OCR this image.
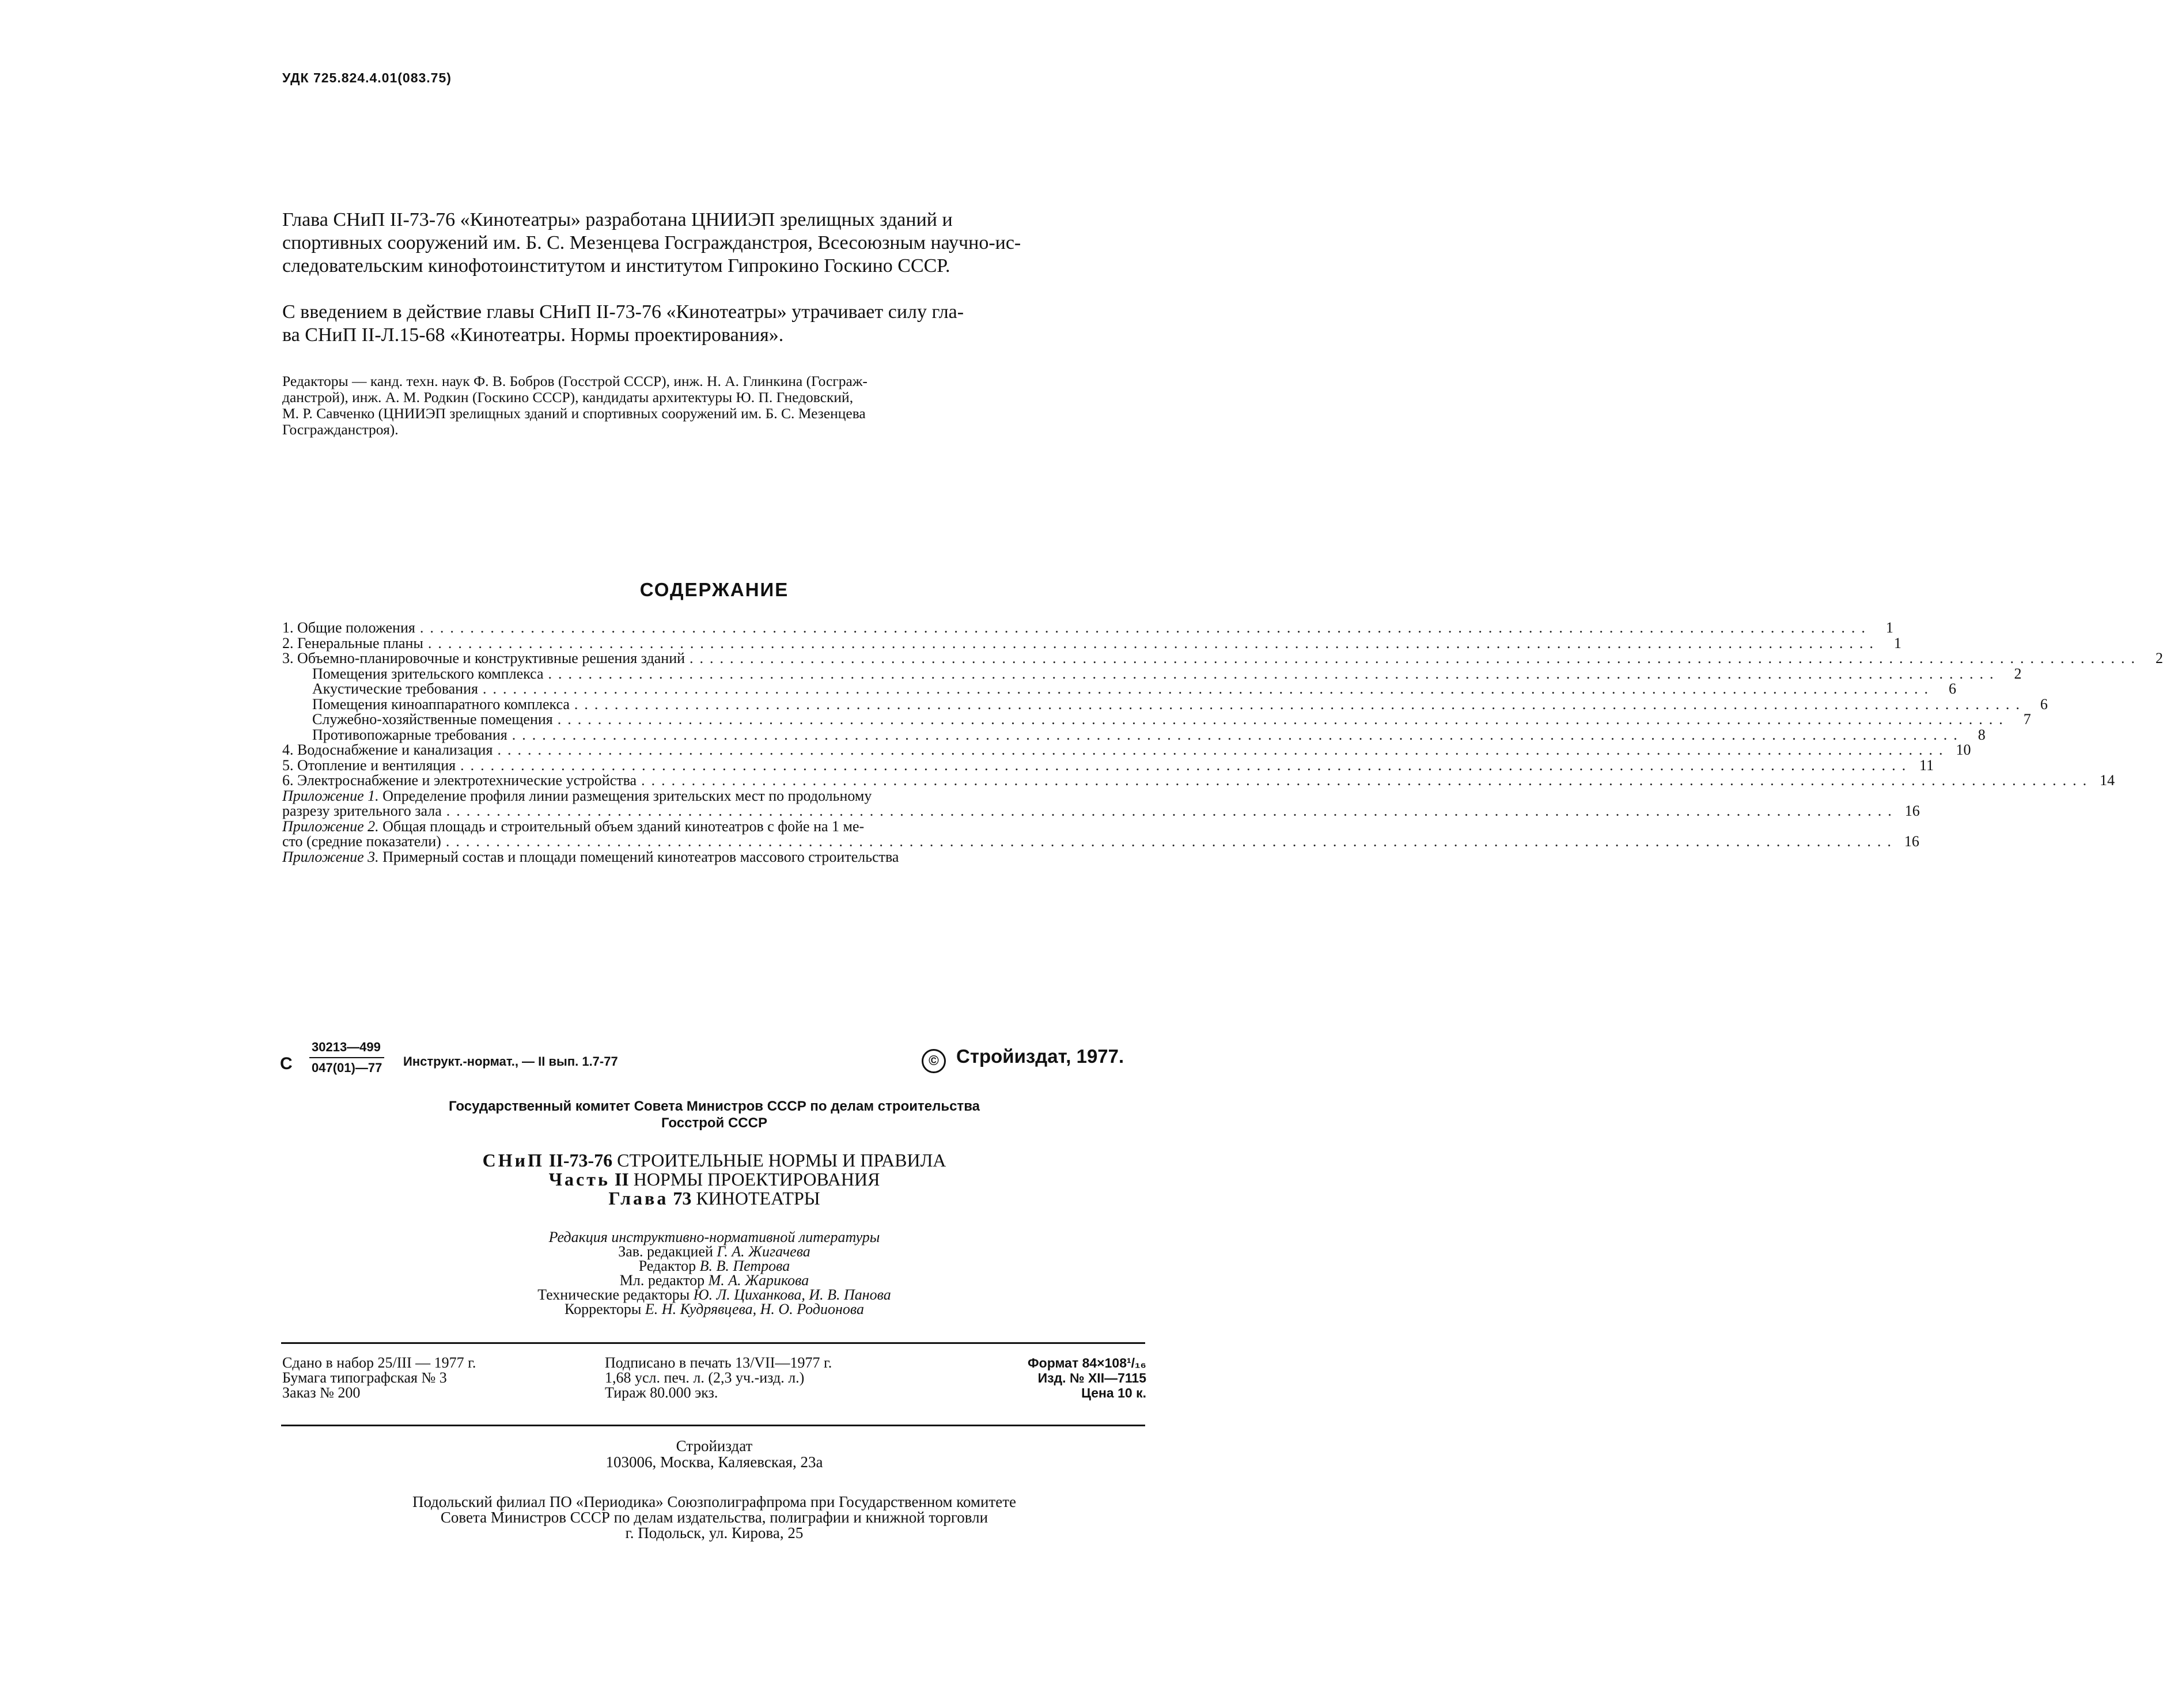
УДК 725.824.4.01(083.75)
Глава СНиП II-73-76 «Кинотеатры» разработана ЦНИИЭП зрелищных зданий и
спортивных сооружений им. Б. С. Мезенцева Госгражданстроя, Всесоюзным научно-ис-
следовательским кинофотоинститутом и институтом Гипрокино Госкино СССР.
С введением в действие главы СНиП II-73-76 «Кинотеатры» утрачивает силу гла-
ва СНиП II-Л.15-68 «Кинотеатры. Нормы проектирования».
Редакторы — канд. техн. наук Ф. В. Бобров (Госстрой СССР), инж. Н. А. Глинкина (Госграж-
данстрой), инж. А. М. Родкин (Госкино СССР), кандидаты архитектуры Ю. П. Гнедовский,
М. Р. Савченко (ЦНИИЭП зрелищных зданий и спортивных сооружений им. Б. С. Мезенцева
Госгражданстроя).
СОДЕРЖАНИЕ
1. Общие положения ................................................................................................................................................ 1
2. Генеральные планы ................................................................................................................................................ 1
3. Объемно-планировочные и конструктивные решения зданий ................................................................................................................................................ 2
Помещения зрительского комплекса ................................................................................................................................................ 2
Акустические требования ................................................................................................................................................ 6
Помещения киноаппаратного комплекса ................................................................................................................................................ 6
Служебно-хозяйственные помещения ................................................................................................................................................ 7
Противопожарные требования ................................................................................................................................................ 8
4. Водоснабжение и канализация ................................................................................................................................................ 10
5. Отопление и вентиляция ................................................................................................................................................ 11
6. Электроснабжение и электротехнические устройства ................................................................................................................................................ 14
Приложение 1. Определение профиля линии размещения зрительских мест по продольному
разрезу зрительного зала ................................................................................................................................................ 16
Приложение 2. Общая площадь и строительный объем зданий кинотеатров с фойе на 1 ме-
сто (средние показатели) ................................................................................................................................................ 16
Приложение 3. Примерный состав и площади помещений кинотеатров массового строительства
С $\frac{30213—499}{047(01)—77}$ Инструкт.-нормат., — II вып. 1.7-77	© Стройиздат, 1977.
Государственный комитет Совета Министров СССР по делам строительства
Госстрой СССР
СНиП II-73-76 СТРОИТЕЛЬНЫЕ НОРМЫ И ПРАВИЛА
Часть II НОРМЫ ПРОЕКТИРОВАНИЯ
Глава 73 КИНОТЕАТРЫ
Редакция инструктивно-нормативной литературы
Зав. редакцией Г. А. Жигачева
Редактор В. В. Петрова
Мл. редактор М. А. Жарикова
Технические редакторы Ю. Л. Циханкова, И. В. Панова
Корректоры Е. Н. Кудрявцева, Н. О. Родионова
Сдано в набор 25/III — 1977 г.	Подписано в печать 13/VII—1977 г.	Формат 84×108¹/₁₆
Бумага типографская № 3	1,68 усл. печ. л. (2,3 уч.-изд. л.)	Изд. № XII—7115
Заказ № 200	Тираж 80.000 экз.	Цена 10 к.
Стройиздат
103006, Москва, Каляевская, 23а
Подольский филиал ПО «Периодика» Союзполиграфпрома при Государственном комитете
Совета Министров СССР по делам издательства, полиграфии и книжной торговли
г. Подольск, ул. Кирова, 25
